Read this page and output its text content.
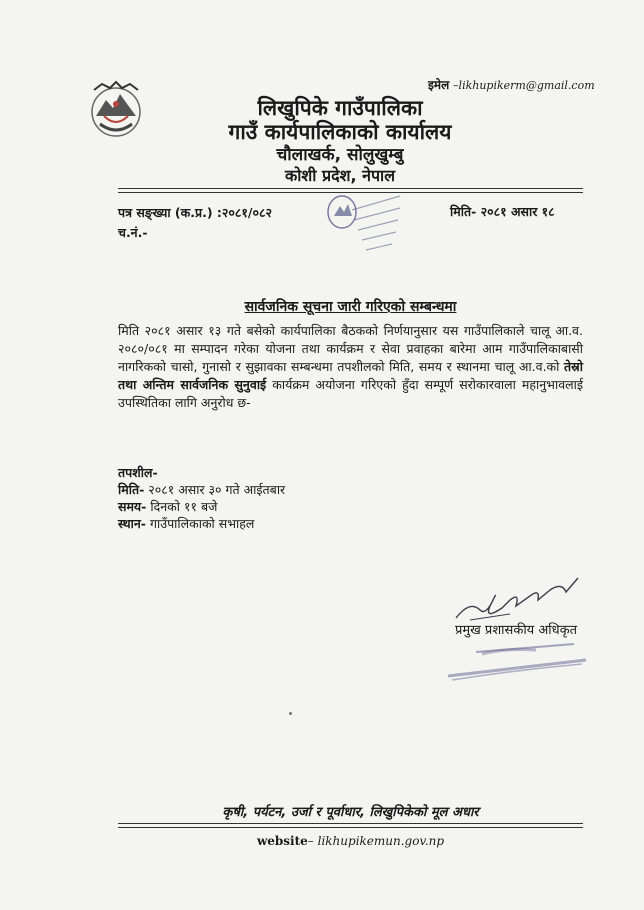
इमेल –likhupikerm@gmail.com
लिखुपिके गाउँपालिका
गाउँ कार्यपालिकाको कार्यालय
चौलाखर्क, सोलुखुम्बु
कोशी प्रदेश, नेपाल
पत्र सङ्ख्या (क.प्र.) :२०८१/०८२
च.नं.-
मिति- २०८१ असार १८
सार्वजनिक सूचना जारी गरिएको सम्बन्धमा
मिति २०८१ असार १३ गते बसेको कार्यपालिका बैठकको निर्णयानुसार यस गाउँपालिकाले चालू आ.व. २०८०/०८१ मा सम्पादन गरेका योजना तथा कार्यक्रम र सेवा प्रवाहका बारेमा आम गाउँपालिकाबासी नागरिकको चासो, गुनासो र सुझावका सम्बन्धमा तपशीलको मिति, समय र स्थानमा चालू आ.व.को तेस्रो तथा अन्तिम सार्वजनिक सुनुवाई कार्यक्रम अयोजना गरिएको हुँदा सम्पूर्ण सरोकारवाला महानुभावलाई उपस्थितिका लागि अनुरोध छ-
तपशील-
मिति- २०८१ असार ३० गते आईतबार
समय- दिनको ११ बजे
स्थान- गाउँपालिकाको सभाहल
प्रमुख प्रशासकीय अधिकृत
कृषी, पर्यटन, उर्जा र पूर्वाधार, लिखुपिकेको मूल अधार
website– likhupikemun.gov.np
